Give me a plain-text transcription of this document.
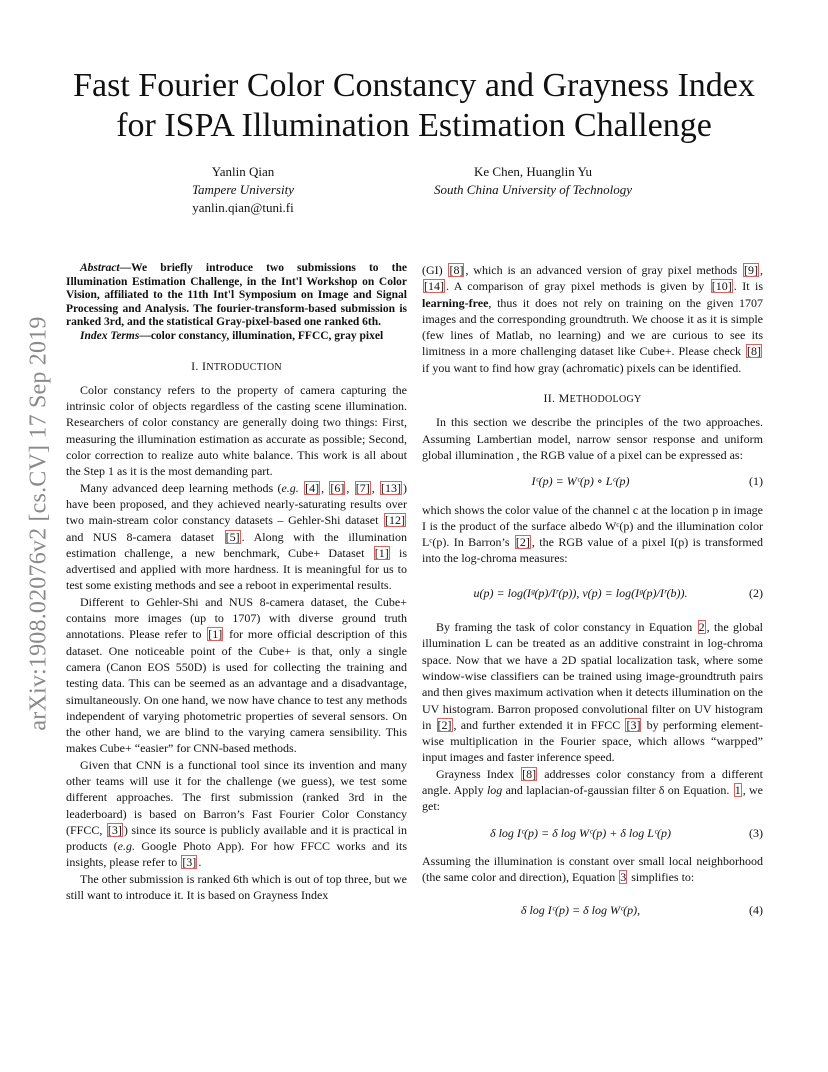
arXiv:1908.02076v2 [cs.CV] 17 Sep 2019
Fast Fourier Color Constancy and Grayness Index
for ISPA Illumination Estimation Challenge
Yanlin Qian
Tampere University
yanlin.qian@tuni.fi
Ke Chen, Huanglin Yu
South China University of Technology

Abstract—We briefly introduce two submissions to the Illumination Estimation Challenge, in the Int'l Workshop on Color Vision, affiliated to the 11th Int'l Symposium on Image and Signal Processing and Analysis. The fourier-transform-based submission is ranked 3rd, and the statistical Gray-pixel-based one ranked 6th.

Index Terms—color constancy, illumination, FFCC, gray pixel

I. INTRODUCTION

Color constancy refers to the property of camera capturing the intrinsic color of objects regardless of the casting scene illumination. Researchers of color constancy are generally doing two things: First, measuring the illumination estimation as accurate as possible; Second, color correction to realize auto white balance. This work is all about the Step 1 as it is the most demanding part.

Many advanced deep learning methods (e.g. [4] , [6] , [7] , [13] ) have been proposed, and they achieved nearly-saturating results over two main-stream color constancy datasets – Gehler-Shi dataset [12] and NUS 8-camera dataset [5] . Along with the illumination estimation challenge, a new benchmark, Cube+ Dataset [1] is advertised and applied with more hardness. It is meaningful for us to test some existing methods and see a reboot in experimental results.

Different to Gehler-Shi and NUS 8-camera dataset, the Cube+ contains more images (up to 1707) with diverse ground truth annotations. Please refer to [1] for more official description of this dataset. One noticeable point of the Cube+ is that, only a single camera (Canon EOS 550D) is used for collecting the training and testing data. This can be seemed as an advantage and a disadvantage, simultaneously. On one hand, we now have chance to test any methods independent of varying photometric properties of several sensors. On the other hand, we are blind to the varying camera sensibility. This makes Cube+ “easier” for CNN-based methods.

Given that CNN is a functional tool since its invention and many other teams will use it for the challenge (we guess), we test some different approaches. The first submission (ranked 3rd in the leaderboard) is based on Barron’s Fast Fourier Color Constancy (FFCC, [3] ) since its source is publicly available and it is practical in products (e.g. Google Photo App). For how FFCC works and its insights, please refer to [3] .

The other submission is ranked 6th which is out of top three, but we still want to introduce it. It is based on Grayness Index

(GI) [8] , which is an advanced version of gray pixel methods [9] , [14] . A comparison of gray pixel methods is given by [10] . It is learning-free, thus it does not rely on training on the given 1707 images and the corresponding groundtruth. We choose it as it is simple (few lines of Matlab, no learning) and we are curious to see its limitness in a more challenging dataset like Cube+. Please check [8] if you want to find how gray (achromatic) pixels can be identified.

II. METHODOLOGY

In this section we describe the principles of the two approaches. Assuming Lambertian model, narrow sensor response and uniform global illumination , the RGB value of a pixel can be expressed as:

Iᶜ(p) = Wᶜ(p) ∘ Lᶜ(p)	(1)

which shows the color value of the channel c at the location p in image I is the product of the surface albedo Wᶜ(p) and the illumination color Lᶜ(p). In Barron’s [2] , the RGB value of a pixel I(p) is transformed into the log-chroma measures:

u(p) = log(Iᵍ(p)/Iʳ(p)), v(p) = log(Iᵍ(p)/Iʳ(b)).	(2)

By framing the task of color constancy in Equation 2 , the global illumination L can be treated as an additive constraint in log-chroma space. Now that we have a 2D spatial localization task, where some window-wise classifiers can be trained using image-groundtruth pairs and then gives maximum activation when it detects illumination on the UV histogram. Barron proposed convolutional filter on UV histogram in [2] , and further extended it in FFCC [3] by performing element-wise multiplication in the Fourier space, which allows “warpped” input images and faster inference speed.

Grayness Index [8] addresses color constancy from a different angle. Apply log and laplacian-of-gaussian filter δ on Equation. 1 , we get:

δ log Iᶜ(p) = δ log Wᶜ(p) + δ log Lᶜ(p)	(3)

Assuming the illumination is constant over small local neighborhood (the same color and direction), Equation 3 simplifies to:

δ log Iᶜ(p) = δ log Wᶜ(p),	(4)
